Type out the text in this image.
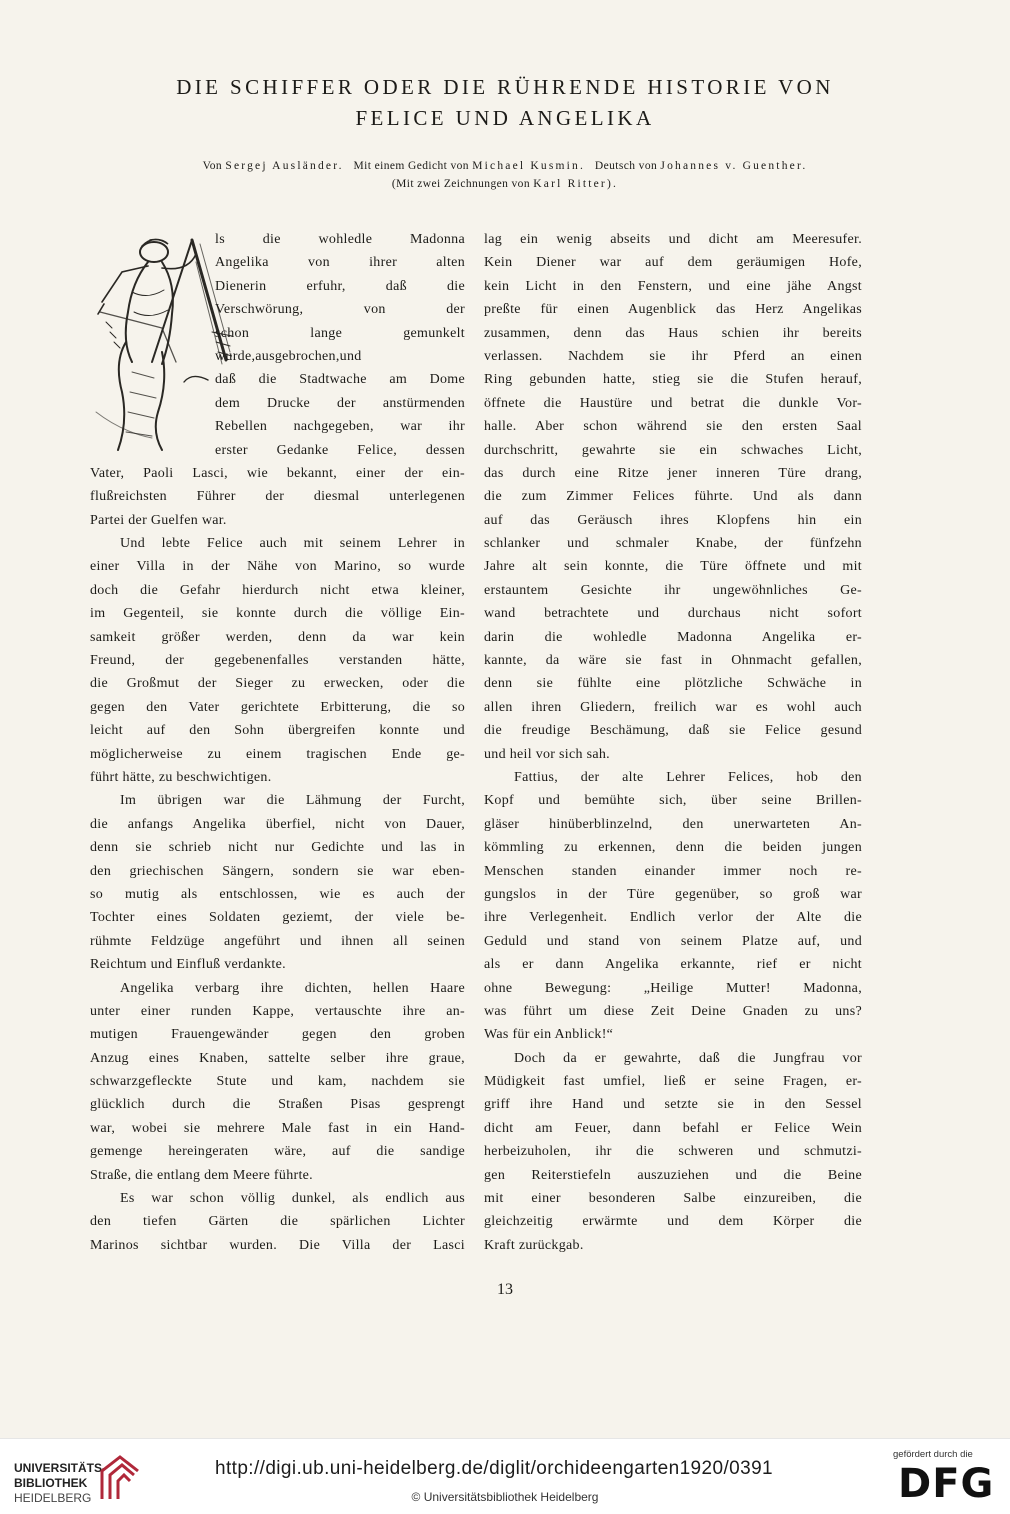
DIE SCHIFFER ODER DIE RÜHRENDE HISTORIE VON
FELICE UND ANGELIKA
Von Sergej Ausländer. Mit einem Gedicht von Michael Kusmin. Deutsch von Johannes v. Guenther.
(Mit zwei Zeichnungen von Karl Ritter).
ls die wohledle Madonna
Angelika von ihrer alten
Dienerin erfuhr, daß die
Verschwörung, von der
schon lange gemunkelt
wurde,ausgebrochen,und
daß die Stadtwache am Dome
dem Drucke der anstürmenden
Rebellen nachgegeben, war ihr
erster Gedanke Felice, dessen
Vater, Paoli Lasci, wie bekannt, einer der ein-
flußreichsten Führer der diesmal unterlegenen
Partei der Guelfen war.
Und lebte Felice auch mit seinem Lehrer in
einer Villa in der Nähe von Marino, so wurde
doch die Gefahr hierdurch nicht etwa kleiner,
im Gegenteil, sie konnte durch die völlige Ein-
samkeit größer werden, denn da war kein
Freund, der gegebenenfalles verstanden hätte,
die Großmut der Sieger zu erwecken, oder die
gegen den Vater gerichtete Erbitterung, die so
leicht auf den Sohn übergreifen konnte und
möglicherweise zu einem tragischen Ende ge-
führt hätte, zu beschwichtigen.
Im übrigen war die Lähmung der Furcht,
die anfangs Angelika überfiel, nicht von Dauer,
denn sie schrieb nicht nur Gedichte und las in
den griechischen Sängern, sondern sie war eben-
so mutig als entschlossen, wie es auch der
Tochter eines Soldaten geziemt, der viele be-
rühmte Feldzüge angeführt und ihnen all seinen
Reichtum und Einfluß verdankte.
Angelika verbarg ihre dichten, hellen Haare
unter einer runden Kappe, vertauschte ihre an-
mutigen Frauengewänder gegen den groben
Anzug eines Knaben, sattelte selber ihre graue,
schwarzgefleckte Stute und kam, nachdem sie
glücklich durch die Straßen Pisas gesprengt
war, wobei sie mehrere Male fast in ein Hand-
gemenge hereingeraten wäre, auf die sandige
Straße, die entlang dem Meere führte.
Es war schon völlig dunkel, als endlich aus
den tiefen Gärten die spärlichen Lichter
Marinos sichtbar wurden. Die Villa der Lasci
lag ein wenig abseits und dicht am Meeresufer.
Kein Diener war auf dem geräumigen Hofe,
kein Licht in den Fenstern, und eine jähe Angst
preßte für einen Augenblick das Herz Angelikas
zusammen, denn das Haus schien ihr bereits
verlassen. Nachdem sie ihr Pferd an einen
Ring gebunden hatte, stieg sie die Stufen herauf,
öffnete die Haustüre und betrat die dunkle Vor-
halle. Aber schon während sie den ersten Saal
durchschritt, gewahrte sie ein schwaches Licht,
das durch eine Ritze jener inneren Türe drang,
die zum Zimmer Felices führte. Und als dann
auf das Geräusch ihres Klopfens hin ein
schlanker und schmaler Knabe, der fünfzehn
Jahre alt sein konnte, die Türe öffnete und mit
erstauntem Gesichte ihr ungewöhnliches Ge-
wand betrachtete und durchaus nicht sofort
darin die wohledle Madonna Angelika er-
kannte, da wäre sie fast in Ohnmacht gefallen,
denn sie fühlte eine plötzliche Schwäche in
allen ihren Gliedern, freilich war es wohl auch
die freudige Beschämung, daß sie Felice gesund
und heil vor sich sah.
Fattius, der alte Lehrer Felices, hob den
Kopf und bemühte sich, über seine Brillen-
gläser hinüberblinzelnd, den unerwarteten An-
kömmling zu erkennen, denn die beiden jungen
Menschen standen einander immer noch re-
gungslos in der Türe gegenüber, so groß war
ihre Verlegenheit. Endlich verlor der Alte die
Geduld und stand von seinem Platze auf, und
als er dann Angelika erkannte, rief er nicht
ohne Bewegung: „Heilige Mutter! Madonna,
was führt um diese Zeit Deine Gnaden zu uns?
Was für ein Anblick!“
Doch da er gewahrte, daß die Jungfrau vor
Müdigkeit fast umfiel, ließ er seine Fragen, er-
griff ihre Hand und setzte sie in den Sessel
dicht am Feuer, dann befahl er Felice Wein
herbeizuholen, ihr die schweren und schmutzi-
gen Reiterstiefeln auszuziehen und die Beine
mit einer besonderen Salbe einzureiben, die
gleichzeitig erwärmte und dem Körper die
Kraft zurückgab.
13
UNIVERSITÄTS-
BIBLIOTHEK
HEIDELBERG
http://digi.ub.uni-heidelberg.de/diglit/orchideengarten1920/0391
© Universitätsbibliothek Heidelberg
gefördert durch die
DFG
